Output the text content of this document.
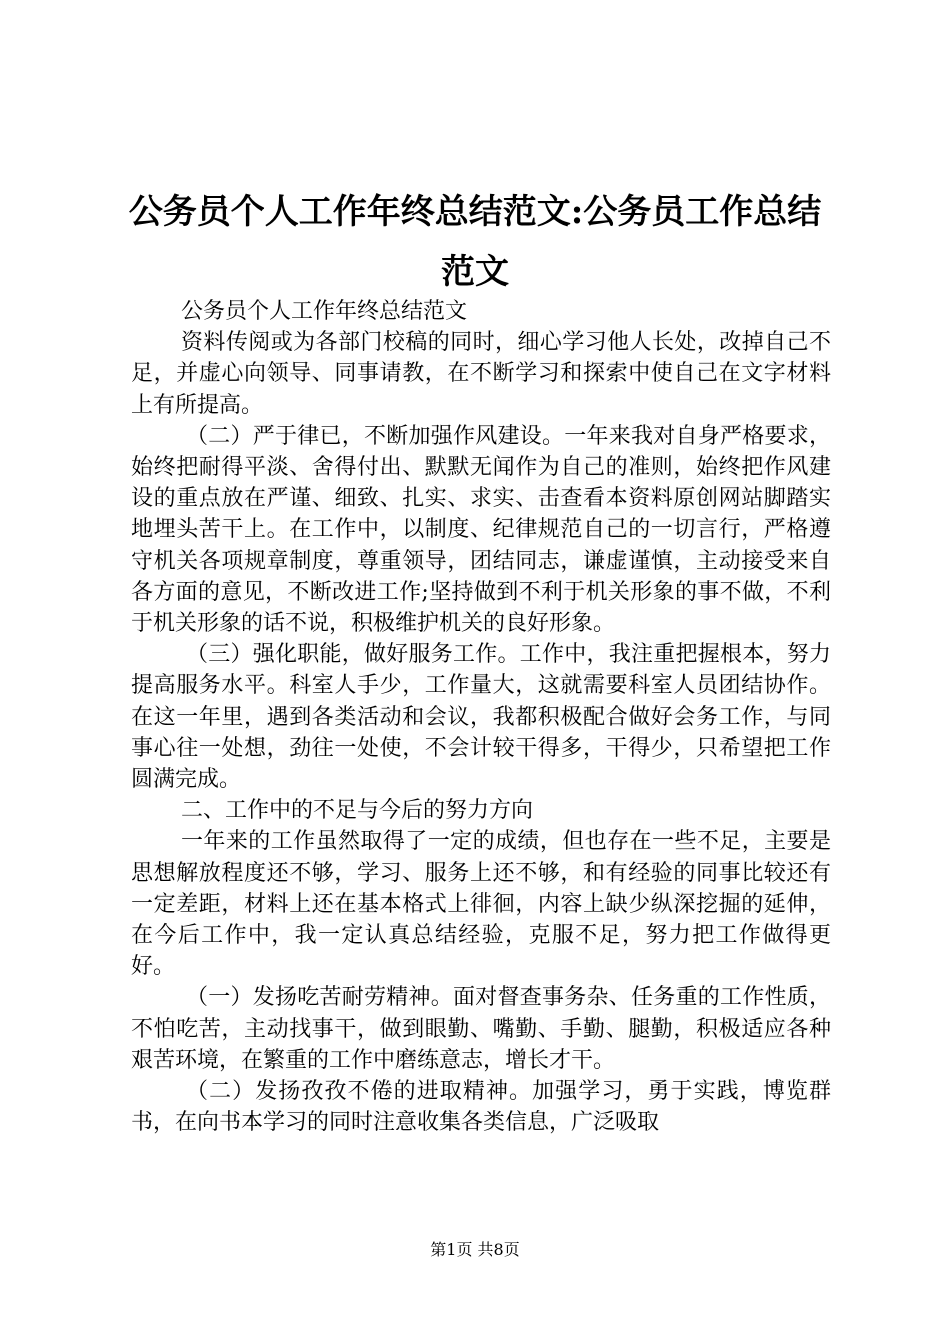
公务员个人工作年终总结范文:公务员工作总结范文

公务员个人工作年终总结范文

资料传阅或为各部门校稿的同时，细心学习他人长处，改掉自己不足，并虚心向领导、同事请教，在不断学习和探索中使自己在文字材料上有所提高。

（二）严于律已，不断加强作风建设。一年来我对自身严格要求，始终把耐得平淡、舍得付出、默默无闻作为自己的准则，始终把作风建设的重点放在严谨、细致、扎实、求实、击查看本资料原创网站脚踏实地埋头苦干上。在工作中，以制度、纪律规范自己的一切言行，严格遵守机关各项规章制度，尊重领导，团结同志，谦虚谨慎，主动接受来自各方面的意见，不断改进工作;坚持做到不利于机关形象的事不做，不利于机关形象的话不说，积极维护机关的良好形象。

（三）强化职能，做好服务工作。工作中，我注重把握根本，努力提高服务水平。科室人手少，工作量大，这就需要科室人员团结协作。在这一年里，遇到各类活动和会议，我都积极配合做好会务工作，与同事心往一处想，劲往一处使，不会计较干得多，干得少，只希望把工作圆满完成。

二、工作中的不足与今后的努力方向

一年来的工作虽然取得了一定的成绩，但也存在一些不足，主要是思想解放程度还不够，学习、服务上还不够，和有经验的同事比较还有一定差距，材料上还在基本格式上徘徊，内容上缺少纵深挖掘的延伸，在今后工作中，我一定认真总结经验，克服不足，努力把工作做得更好。

（一）发扬吃苦耐劳精神。面对督查事务杂、任务重的工作性质，不怕吃苦，主动找事干，做到眼勤、嘴勤、手勤、腿勤，积极适应各种艰苦环境，在繁重的工作中磨练意志，增长才干。

（二）发扬孜孜不倦的进取精神。加强学习，勇于实践，博览群书，在向书本学习的同时注意收集各类信息，广泛吸取

第1页 共8页
